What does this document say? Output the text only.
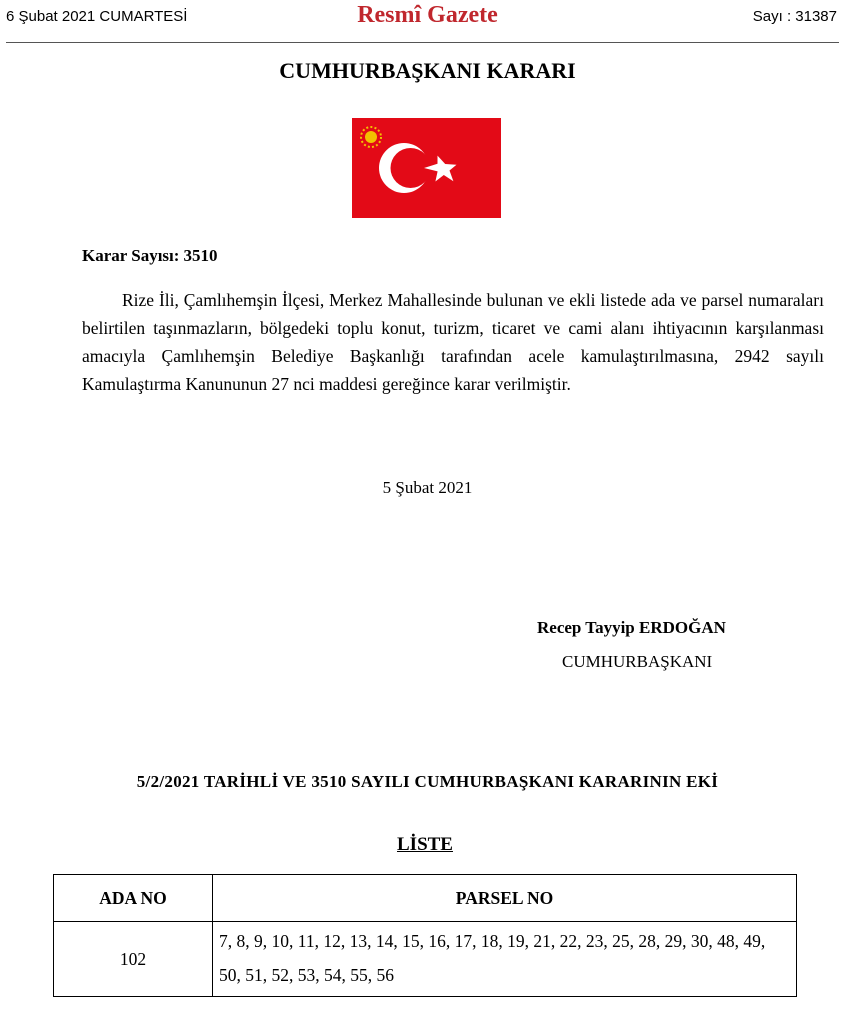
6 Şubat 2021 CUMARTESİ	Resmî Gazete	Sayı : 31387
CUMHURBAŞKANI KARARI
Karar Sayısı: 3510

Rize İli, Çamlıhemşin İlçesi, Merkez Mahallesinde bulunan ve ekli listede ada ve parsel numaraları belirtilen taşınmazların, bölgedeki toplu konut, turizm, ticaret ve cami alanı ihtiyacının karşılanması amacıyla Çamlıhemşin Belediye Başkanlığı tarafından acele kamulaştırılmasına, 2942 sayılı Kamulaştırma Kanununun 27 nci maddesi gereğince karar verilmiştir.

5 Şubat 2021
Recep Tayyip ERDOĞAN
CUMHURBAŞKANI
5/2/2021 TARİHLİ VE 3510 SAYILI CUMHURBAŞKANI KARARININ EKİ
LİSTE
ADA NO	PARSEL NO
102	7, 8, 9, 10, 11, 12, 13, 14, 15, 16, 17, 18, 19, 21, 22, 23, 25, 28, 29, 30, 48, 49, 50, 51, 52, 53, 54, 55, 56
